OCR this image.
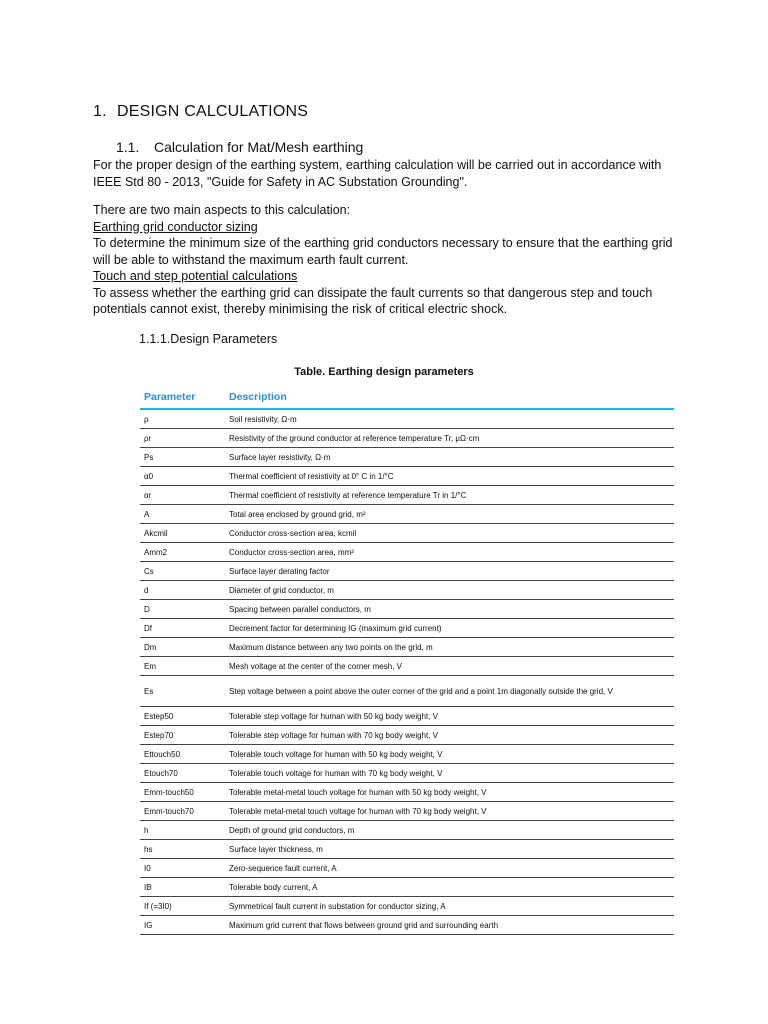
1. DESIGN CALCULATIONS
1.1. Calculation for Mat/Mesh earthing

For the proper design of the earthing system, earthing calculation will be carried out in accordance with IEEE Std 80 - 2013, "Guide for Safety in AC Substation Grounding".

There are two main aspects to this calculation:

Earthing grid conductor sizing

To determine the minimum size of the earthing grid conductors necessary to ensure that the earthing grid will be able to withstand the maximum earth fault current.

Touch and step potential calculations

To assess whether the earthing grid can dissipate the fault currents so that dangerous step and touch potentials cannot exist, thereby minimising the risk of critical electric shock.

1.1.1.Design Parameters
Table. Earthing design parameters
Parameter	Description
ρ	Soil resistivity, Ω·m
ρr	Resistivity of the ground conductor at reference temperature Tr, μΩ·cm
Ps	Surface layer resistivity, Ω·m
α0	Thermal coefficient of resistivity at 0° C in 1/°C
αr	Thermal coefficient of resistivity at reference temperature Tr in 1/°C
A	Total area enclosed by ground grid, m²
Akcmil	Conductor cross-section area, kcmil
Amm2	Conductor cross-section area, mm²
Cs	Surface layer derating factor
d	Diameter of grid conductor, m
D	Spacing between parallel conductors, m
Df	Decrement factor for determining IG (maximum grid current)
Dm	Maximum distance between any two points on the grid, m
Em	Mesh voltage at the center of the corner mesh, V
Es	Step voltage between a point above the outer corner of the grid and a point 1m diagonally outside the grid, V
Estep50	Tolerable step voltage for human with 50 kg body weight, V
Estep70	Tolerable step voltage for human with 70 kg body weight, V
Ettouch50	Tolerable touch voltage for human with 50 kg body weight, V
Etouch70	Tolerable touch voltage for human with 70 kg body weight, V
Emm-touch50	Tolerable metal-metal touch voltage for human with 50 kg body weight, V
Emm-touch70	Tolerable metal-metal touch voltage for human with 70 kg body weight, V
h	Depth of ground grid conductors, m
hs	Surface layer thickness, m
I0	Zero-sequence fault current, A
IB	Tolerable body current, A
If (=3I0)	Symmetrical fault current in substation for conductor sizing, A
IG	Maximum grid current that flows between ground grid and surrounding earth
